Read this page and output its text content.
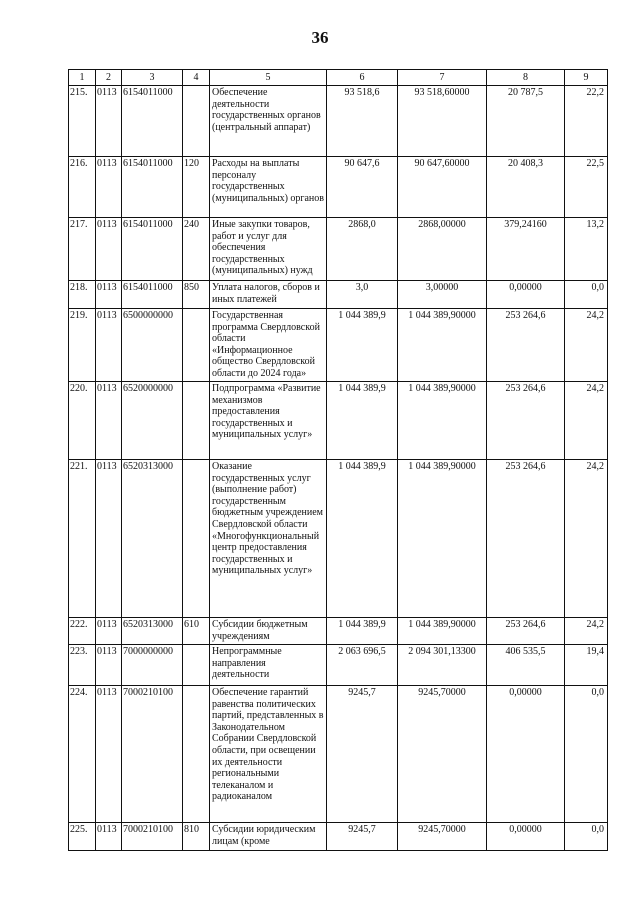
36
1	2	3	4	5	6	7	8	9
215.	0113	6154011000		Обеспечение деятельности государственных органов (центральный аппарат)	93 518,6	93 518,60000	20 787,5	22,2
216.	0113	6154011000	120	Расходы на выплаты персоналу государственных (муниципальных) органов	90 647,6	90 647,60000	20 408,3	22,5
217.	0113	6154011000	240	Иные закупки товаров, работ и услуг для обеспечения государственных (муниципальных) нужд	2868,0	2868,00000	379,24160	13,2
218.	0113	6154011000	850	Уплата налогов, сборов и иных платежей	3,0	3,00000	0,00000	0,0
219.	0113	6500000000		Государственная программа Свердловской области «Информационное общество Свердловской области до 2024 года»	1 044 389,9	1 044 389,90000	253 264,6	24,2
220.	0113	6520000000		Подпрограмма «Развитие механизмов предоставления государственных и муниципальных услуг»	1 044 389,9	1 044 389,90000	253 264,6	24,2
221.	0113	6520313000		Оказание государственных услуг (выполнение работ) государственным бюджетным учреждением Свердловской области «Многофункциональный центр предоставления государственных и муниципальных услуг»	1 044 389,9	1 044 389,90000	253 264,6	24,2
222.	0113	6520313000	610	Субсидии бюджетным учреждениям	1 044 389,9	1 044 389,90000	253 264,6	24,2
223.	0113	7000000000		Непрограммные направления деятельности	2 063 696,5	2 094 301,13300	406 535,5	19,4
224.	0113	7000210100		Обеспечение гарантий равенства политических партий, представленных в Законодательном Собрании Свердловской области, при освещении их деятельности региональными телеканалом и радиоканалом	9245,7	9245,70000	0,00000	0,0
225.	0113	7000210100	810	Субсидии юридическим лицам (кроме	9245,7	9245,70000	0,00000	0,0
